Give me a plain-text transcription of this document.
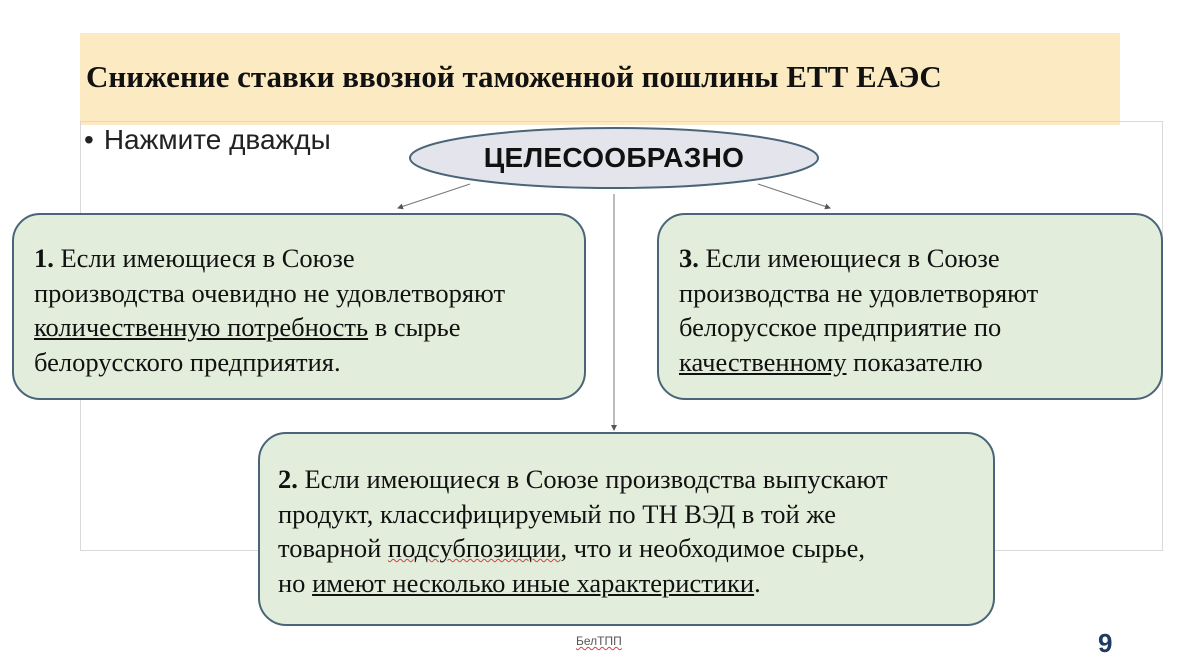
Снижение ставки ввозной таможенной пошлины ЕТТ ЕАЭС
• Нажмите дважды
ЦЕЛЕСООБРАЗНО
1. Если имеющиеся в Союзе
производства очевидно не удовлетворяют
количественную потребность в сырье
белорусского предприятия.
3. Если имеющиеся в Союзе
производства не удовлетворяют
белорусское предприятие по
качественному показателю
2. Если имеющиеся в Союзе производства выпускают
продукт, классифицируемый по ТН ВЭД в той же
товарной подсубпозиции, что и необходимое сырье,
но имеют несколько иные характеристики.
БелТПП	9
